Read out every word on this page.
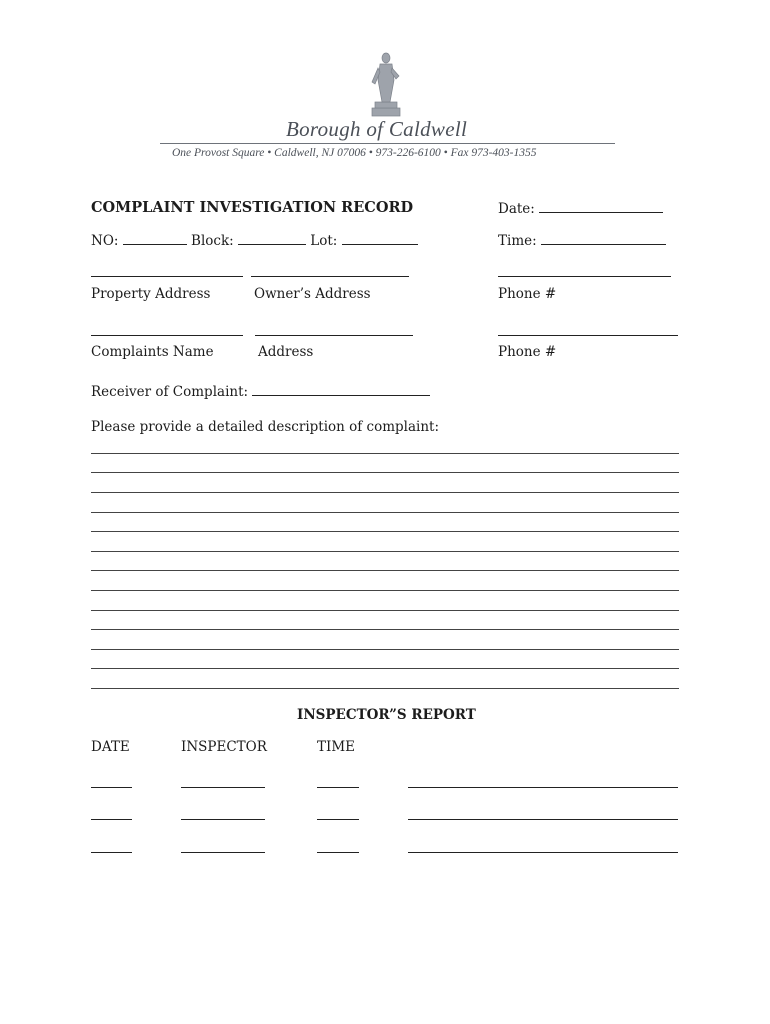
Borough of Caldwell
One Provost Square • Caldwell, NJ 07006 • 973-226-6100 • Fax 973-403-1355
COMPLAINT INVESTIGATION RECORD	Date:
NO:	Block:	Lot:	Time:
Property Address	Owner’s Address	Phone #
Complaints Name	Address	Phone #
Receiver of Complaint:
Please provide a detailed description of complaint:
INSPECTOR”S REPORT
DATE	INSPECTOR	TIME
